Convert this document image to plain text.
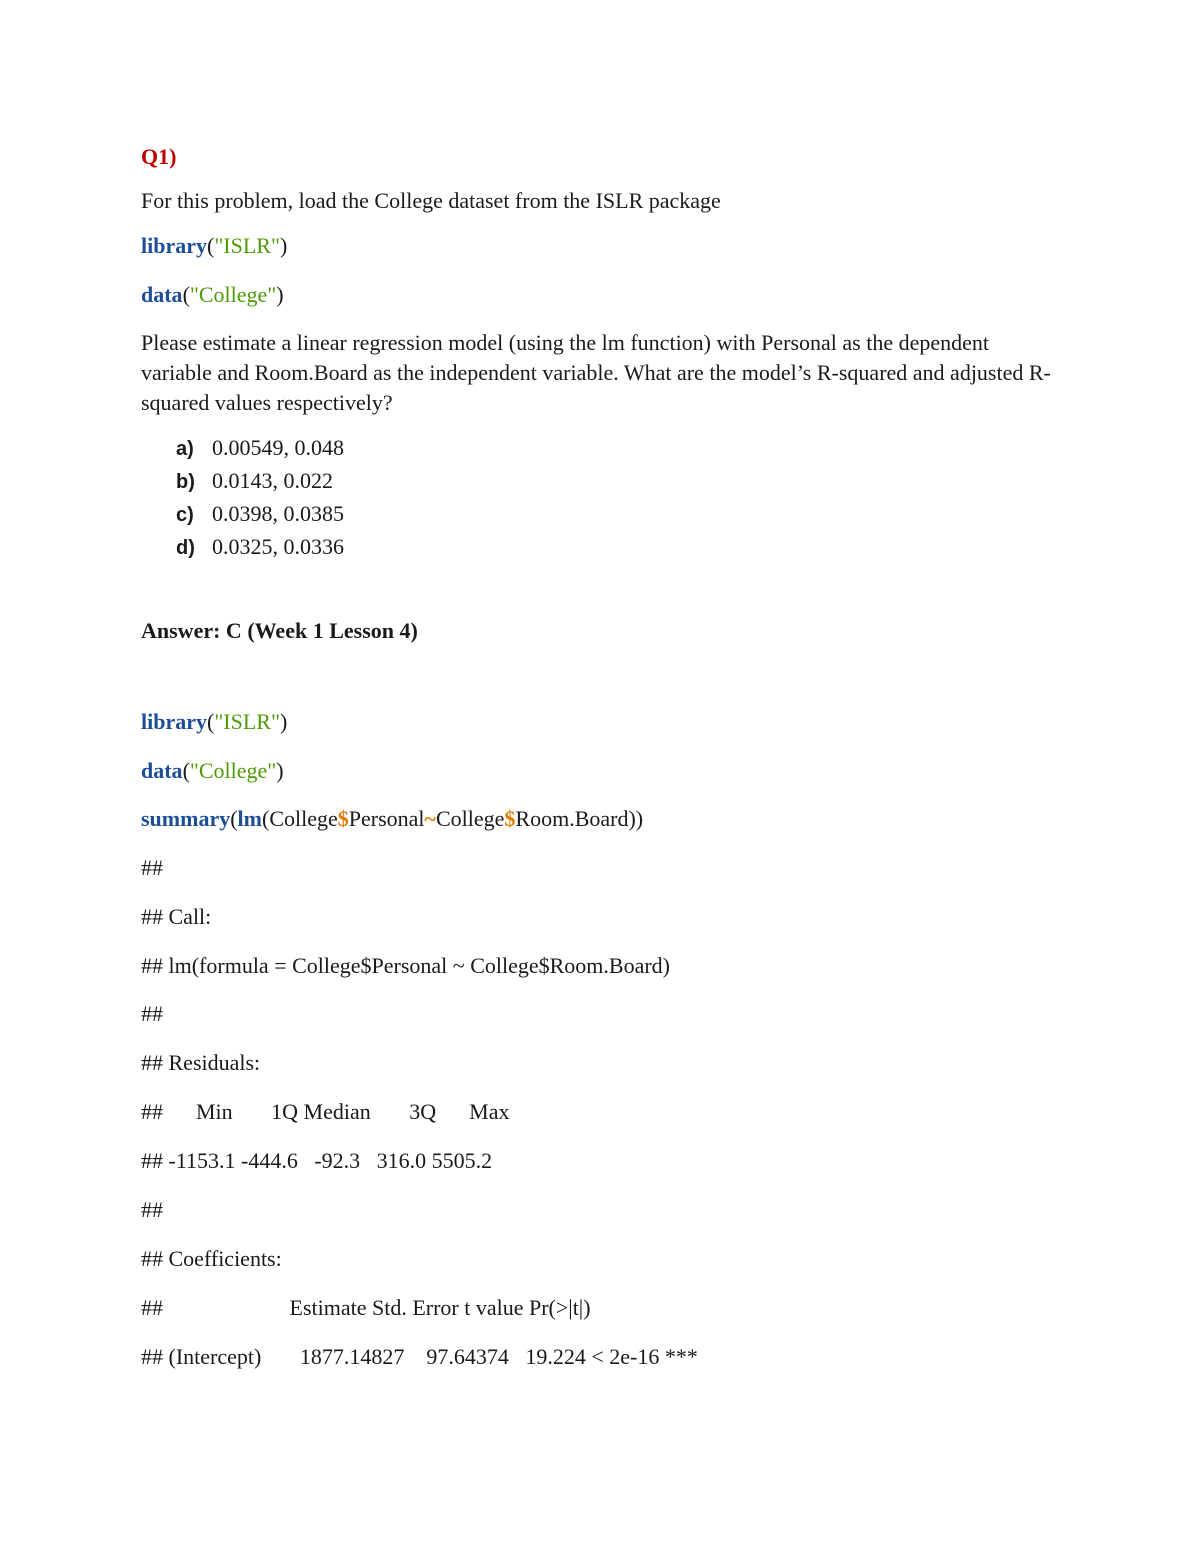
Q1)
For this problem, load the College dataset from the ISLR package
library("ISLR")
data("College")
Please estimate a linear regression model (using the lm function) with Personal as the dependent variable and Room.Board as the independent variable. What are the model’s R-squared and adjusted R-squared values respectively?
a) 0.00549, 0.048
b) 0.0143, 0.022
c) 0.0398, 0.0385
d) 0.0325, 0.0336
Answer: C (Week 1 Lesson 4)
library("ISLR")
data("College")
summary(lm(College$Personal~College$Room.Board))
##
## Call:
## lm(formula = College$Personal ~ College$Room.Board)
##
## Residuals:
##      Min       1Q Median       3Q      Max
## -1153.1 -444.6   -92.3   316.0 5505.2
##
## Coefficients:
##                       Estimate Std. Error t value Pr(>|t|)
## (Intercept)       1877.14827    97.64374   19.224 < 2e-16 ***
